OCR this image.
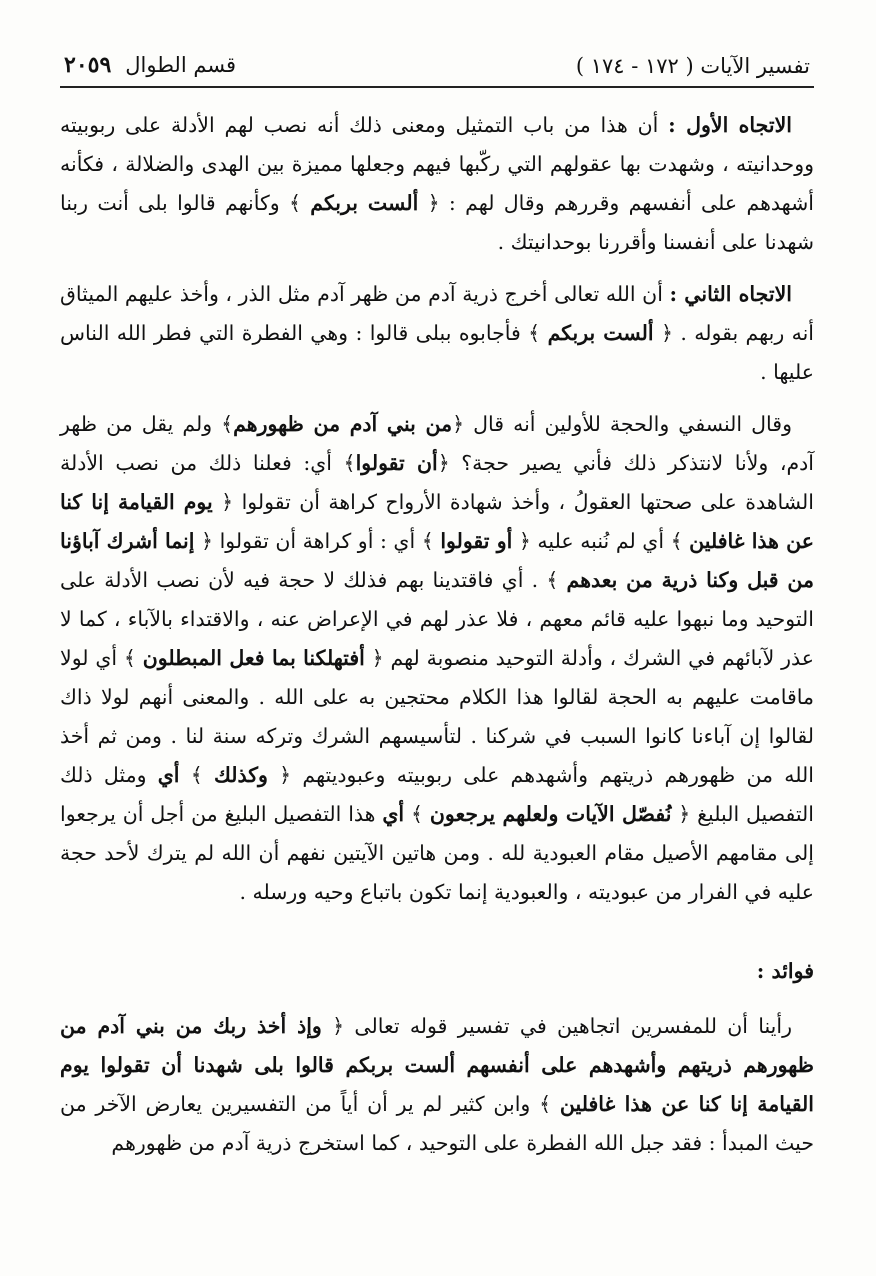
تفسير الآيات ( ١٧٢ - ١٧٤ )
قسم الطوال
٢٠٥٩

الاتجاه الأول : أن هذا من باب التمثيل ومعنى ذلك أنه نصب لهم الأدلة على ربوبيته ووحدانيته ، وشهدت بها عقولهم التي ركّبها فيهم وجعلها مميزة بين الهدى والضلالة ، فكأنه أشهدهم على أنفسهم وقررهم وقال لهم : ﴿ ألست بربكم ﴾ وكأنهم قالوا بلى أنت ربنا شهدنا على أنفسنا وأقررنا بوحدانيتك .

الاتجاه الثاني : أن الله تعالى أخرج ذرية آدم من ظهر آدم مثل الذر ، وأخذ عليهم الميثاق أنه ربهم بقوله . ﴿ ألست بربكم ﴾ فأجابوه ببلى قالوا : وهي الفطرة التي فطر الله الناس عليها .

وقال النسفي والحجة للأولين أنه قال ﴿من بني آدم من ظهورهم﴾ ولم يقل من ظهر آدم، ولأنا لانتذكر ذلك فأني يصير حجة؟ ﴿أن تقولوا﴾ أي: فعلنا ذلك من نصب الأدلة الشاهدة على صحتها العقولُ ، وأخذ شهادة الأرواح كراهة أن تقولوا ﴿ يوم القيامة إنا كنا عن هذا غافلين ﴾ أي لم نُنبه عليه ﴿ أو تقولوا ﴾ أي : أو كراهة أن تقولوا ﴿ إنما أشرك آباؤنا من قبل وكنا ذرية من بعدهم ﴾ . أي فاقتدينا بهم فذلك لا حجة فيه لأن نصب الأدلة على التوحيد وما نبهوا عليه قائم معهم ، فلا عذر لهم في الإعراض عنه ، والاقتداء بالآباء ، كما لا عذر لآبائهم في الشرك ، وأدلة التوحيد منصوبة لهم ﴿ أفتهلكنا بما فعل المبطلون ﴾ أي لولا ماقامت عليهم به الحجة لقالوا هذا الكلام محتجين به على الله . والمعنى أنهم لولا ذاك لقالوا إن آباءنا كانوا السبب في شركنا . لتأسيسهم الشرك وتركه سنة لنا . ومن ثم أخذ الله من ظهورهم ذريتهم وأشهدهم على ربوبيته وعبوديتهم ﴿ وكذلك ﴾ أي ومثل ذلك التفصيل البليغ ﴿ نُفصّل الآيات ولعلهم يرجعون ﴾ أي هذا التفصيل البليغ من أجل أن يرجعوا إلى مقامهم الأصيل مقام العبودية لله . ومن هاتين الآيتين نفهم أن الله لم يترك لأحد حجة عليه في الفرار من عبوديته ، والعبودية إنما تكون باتباع وحيه ورسله .

فوائد :

رأينا أن للمفسرين اتجاهين في تفسير قوله تعالى ﴿ وإذ أخذ ربك من بني آدم من ظهورهم ذريتهم وأشهدهم على أنفسهم ألست بربكم قالوا بلى شهدنا أن تقولوا يوم القيامة إنا كنا عن هذا غافلين ﴾ وابن كثير لم ير أن أياً من التفسيرين يعارض الآخر من حيث المبدأ : فقد جبل الله الفطرة على التوحيد ، كما استخرج ذرية آدم من ظهورهم
